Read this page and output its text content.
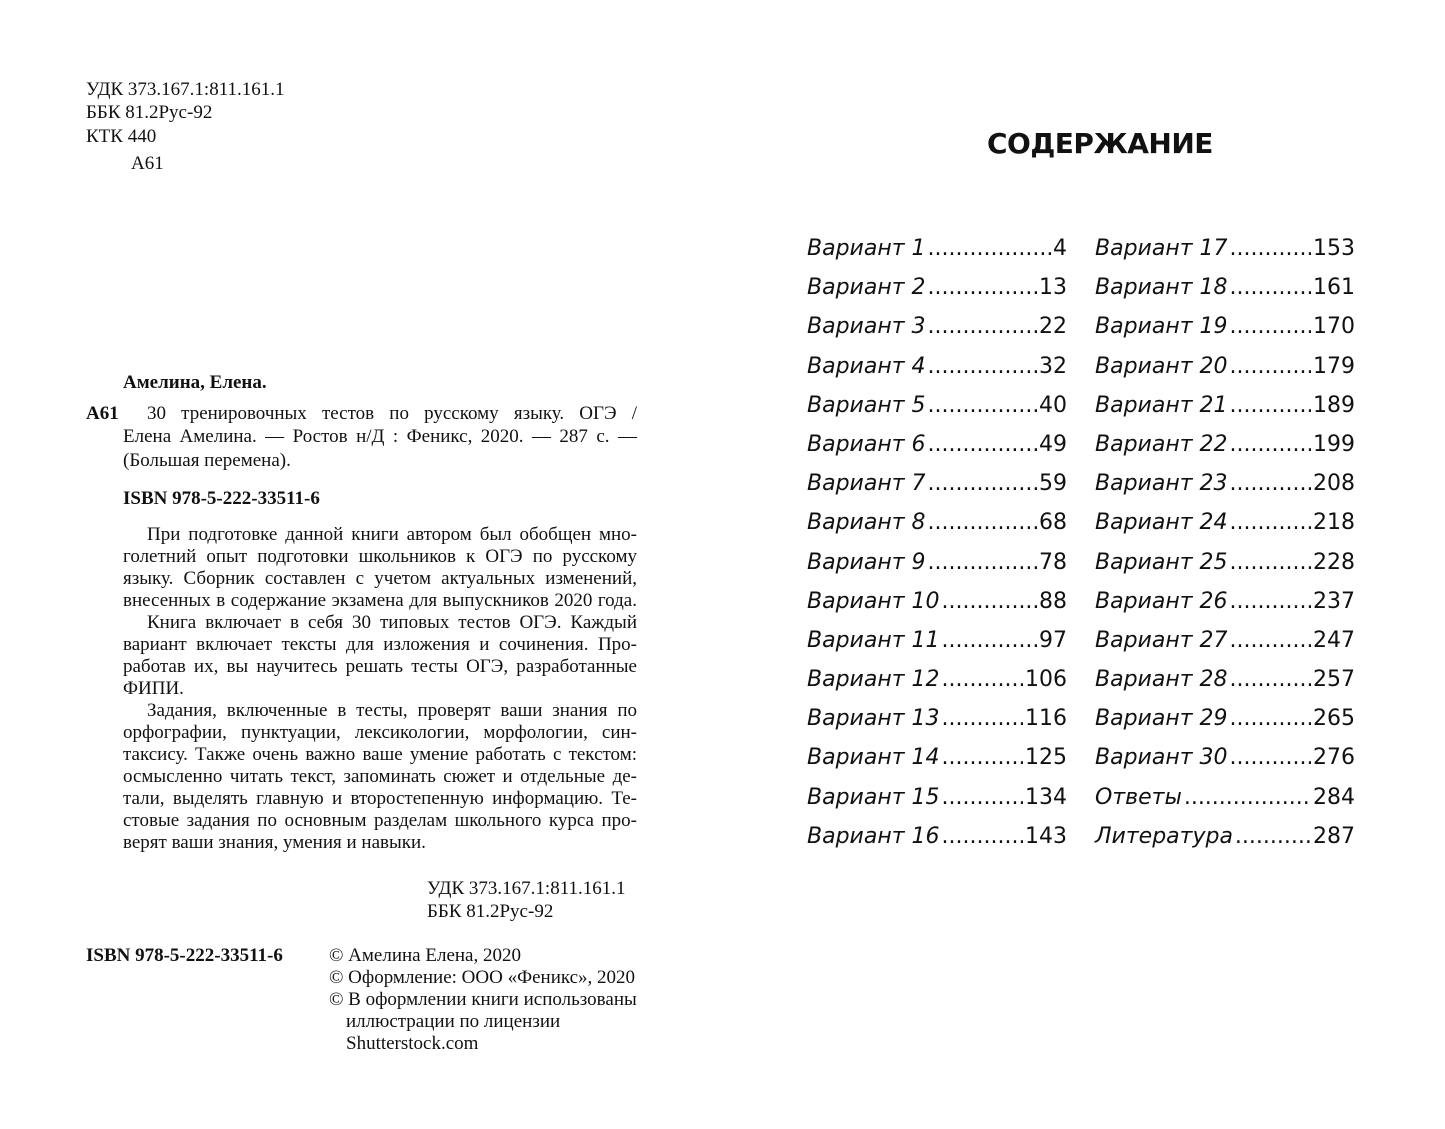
УДК 373.167.1:811.161.1
ББК 81.2Рус-92
КТК 440
А61
Амелина, Елена.
А61 30 тренировочных тестов по русскому языку. ОГЭ /
Елена Амелина. — Ростов н/Д : Феникс, 2020. — 287 с. —
(Большая перемена).
ISBN 978-5-222-33511-6
При подготовке данной книги автором был обобщен мно-
голетний опыт подготовки школьников к ОГЭ по русскому
языку. Сборник составлен с учетом актуальных изменений,
внесенных в содержание экзамена для выпускников 2020 года.
Книга включает в себя 30 типовых тестов ОГЭ. Каждый
вариант включает тексты для изложения и сочинения. Про-
работав их, вы научитесь решать тесты ОГЭ, разработанные
ФИПИ.
Задания, включенные в тесты, проверят ваши знания по
орфографии, пунктуации, лексикологии, морфологии, син-
таксису. Также очень важно ваше умение работать с текстом:
осмысленно читать текст, запоминать сюжет и отдельные де-
тали, выделять главную и второстепенную информацию. Те-
стовые задания по основным разделам школьного курса про-
верят ваши знания, умения и навыки.
УДК 373.167.1:811.161.1
ББК 81.2Рус-92
ISBN 978-5-222-33511-6 © Амелина Елена, 2020
© Оформление: ООО «Феникс», 2020
© В оформлении книги использованы
иллюстрации по лицензии
Shutterstock.com
СОДЕРЖАНИЕ
Вариант 1 .....	4
Вариант 2 .....	13
Вариант 3 .....	22
Вариант 4 .....	32
Вариант 5 .....	40
Вариант 6 .....	49
Вариант 7 .....	59
Вариант 8 .....	68
Вариант 9 .....	78
Вариант 10 .....	88
Вариант 11 .....	97
Вариант 12 .....	106
Вариант 13 .....	116
Вариант 14 .....	125
Вариант 15 .....	134
Вариант 16 .....	143
Вариант 17 .....	153
Вариант 18 .....	161
Вариант 19 .....	170
Вариант 20 .....	179
Вариант 21 .....	189
Вариант 22 .....	199
Вариант 23 .....	208
Вариант 24 .....	218
Вариант 25 .....	228
Вариант 26 .....	237
Вариант 27 .....	247
Вариант 28 .....	257
Вариант 29 .....	265
Вариант 30 .....	276
Ответы .....	284
Литература .....	287
